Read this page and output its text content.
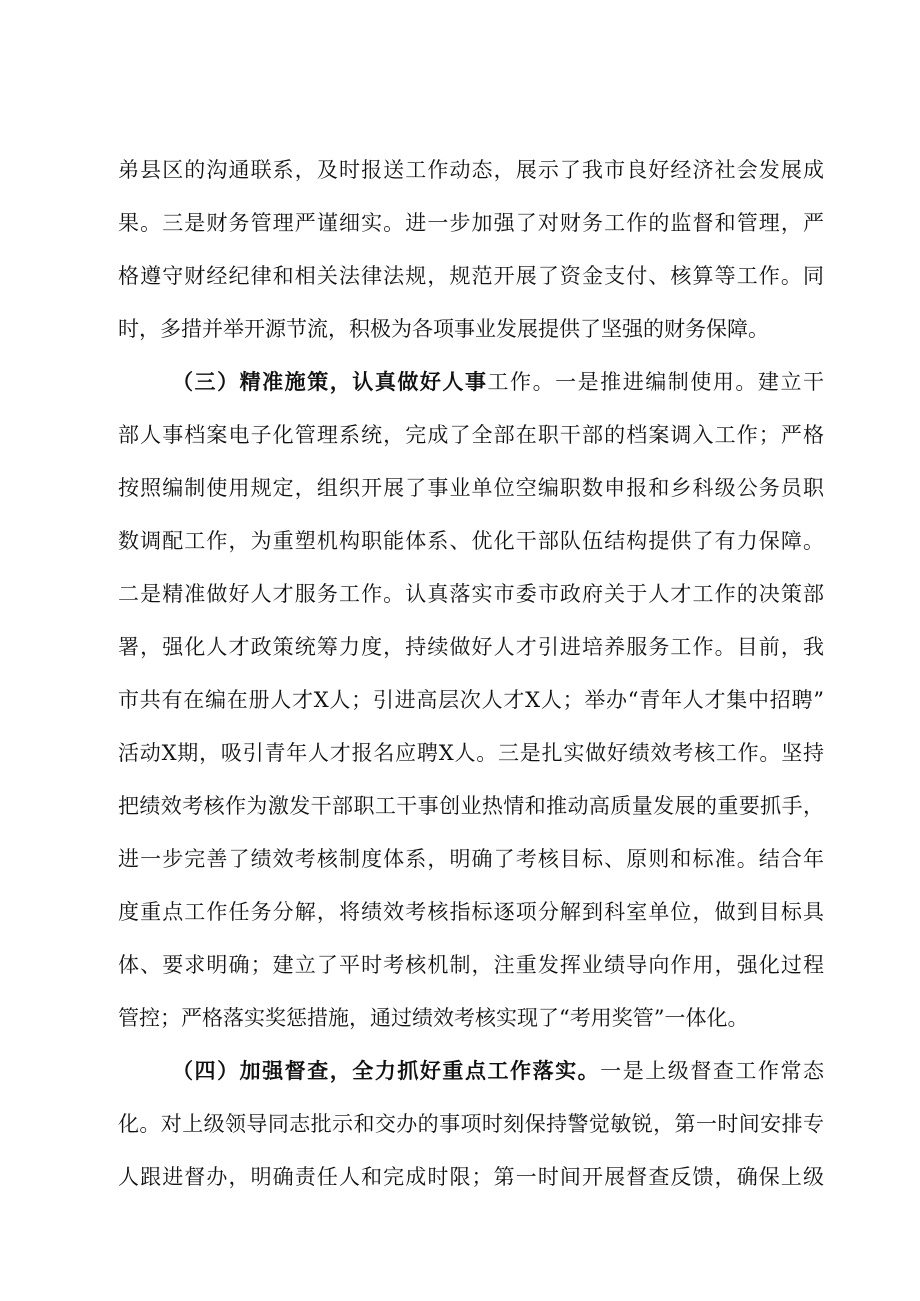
弟县区的沟通联系，及时报送工作动态，展示了我市良好经济社会发展成
果。三是财务管理严谨细实。进一步加强了对财务工作的监督和管理，严
格遵守财经纪律和相关法律法规，规范开展了资金支付、核算等工作。同
时，多措并举开源节流，积极为各项事业发展提供了坚强的财务保障。
（三）精准施策，认真做好人事工作。一是推进编制使用。建立干
部人事档案电子化管理系统，完成了全部在职干部的档案调入工作；严格
按照编制使用规定，组织开展了事业单位空编职数申报和乡科级公务员职
数调配工作，为重塑机构职能体系、优化干部队伍结构提供了有力保障。
二是精准做好人才服务工作。认真落实市委市政府关于人才工作的决策部
署，强化人才政策统筹力度，持续做好人才引进培养服务工作。目前，我
市共有在编在册人才X人；引进高层次人才X人；举办“青年人才集中招聘”
活动X期，吸引青年人才报名应聘X人。三是扎实做好绩效考核工作。坚持
把绩效考核作为激发干部职工干事创业热情和推动高质量发展的重要抓手，
进一步完善了绩效考核制度体系，明确了考核目标、原则和标准。结合年
度重点工作任务分解，将绩效考核指标逐项分解到科室单位，做到目标具
体、要求明确；建立了平时考核机制，注重发挥业绩导向作用，强化过程
管控；严格落实奖惩措施，通过绩效考核实现了“考用奖管”一体化。
（四）加强督查，全力抓好重点工作落实。一是上级督查工作常态
化。对上级领导同志批示和交办的事项时刻保持警觉敏锐，第一时间安排专
人跟进督办，明确责任人和完成时限；第一时间开展督查反馈，确保上级
